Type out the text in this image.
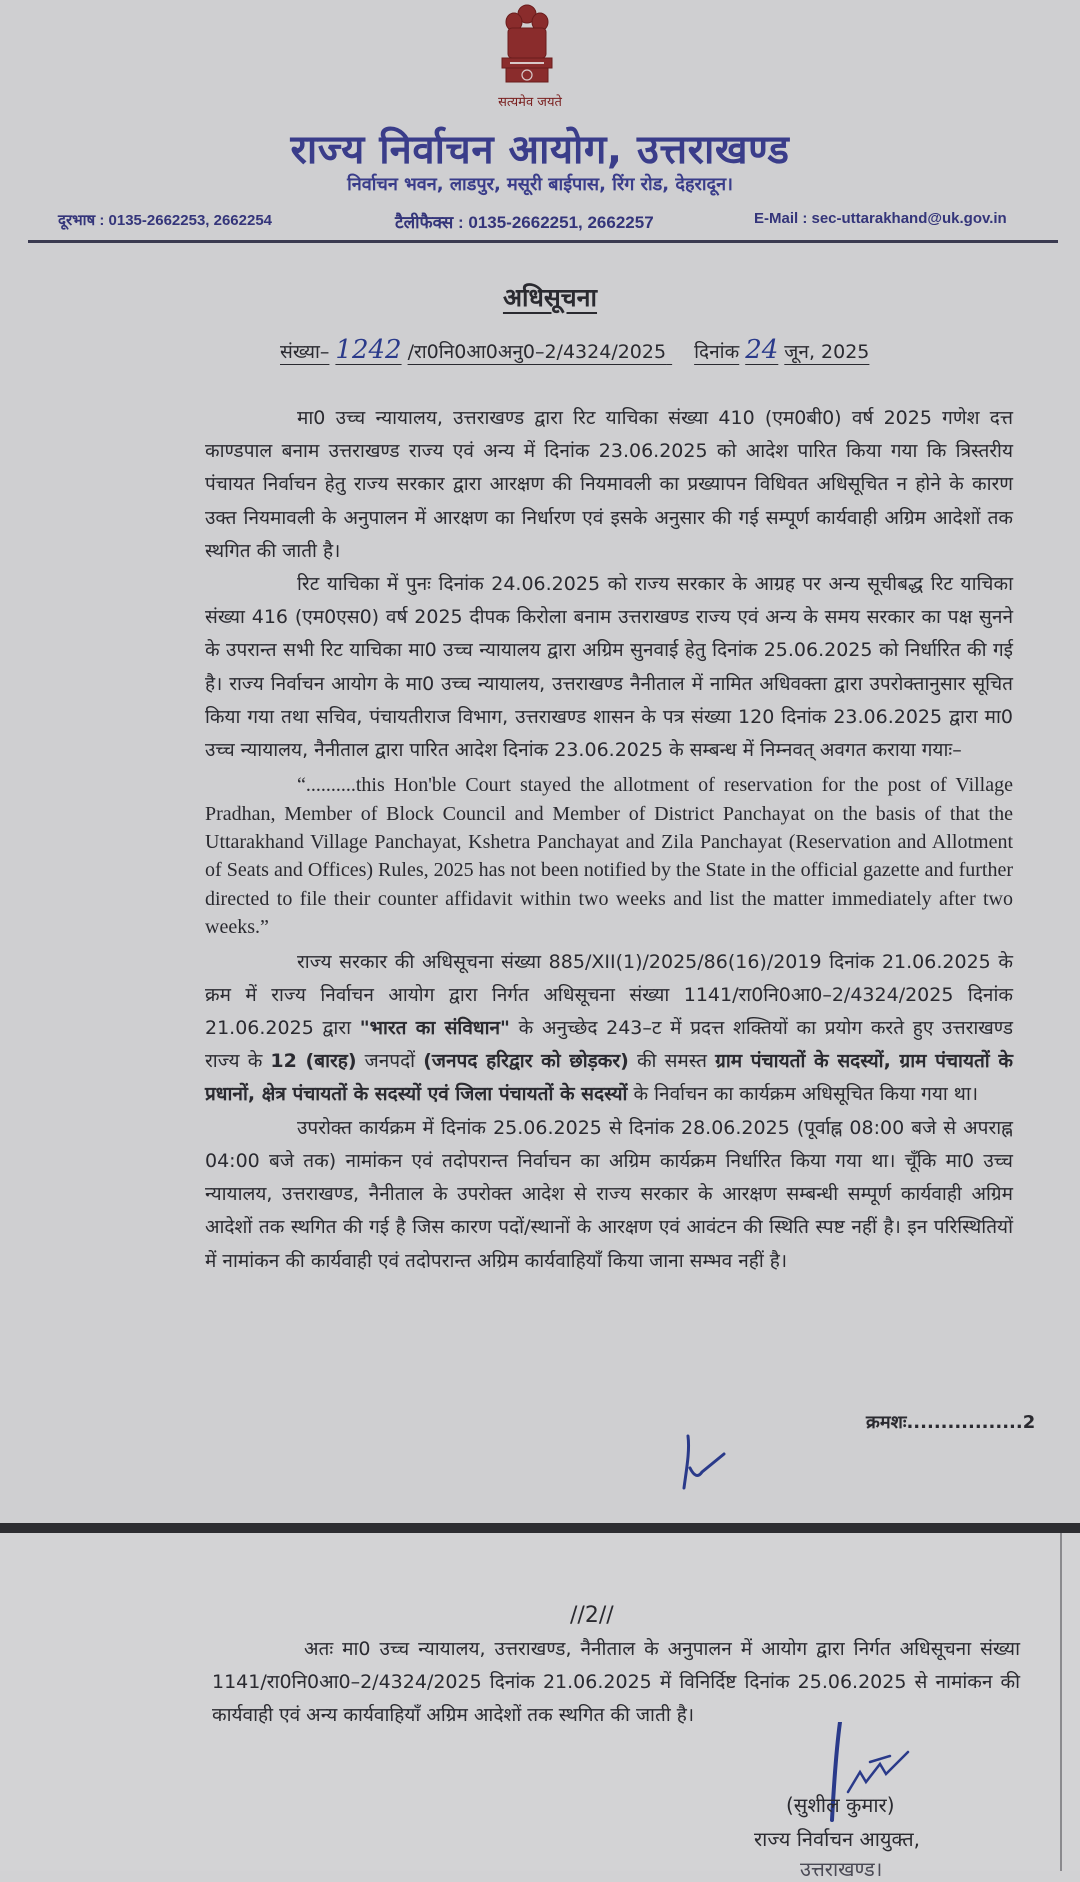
सत्यमेव जयते
राज्य निर्वाचन आयोग, उत्तराखण्ड
निर्वाचन भवन, लाडपुर, मसूरी बाईपास, रिंग रोड, देहरादून।
दूरभाष : 0135-2662253, 2662254	टैलीफैक्स : 0135-2662251, 2662257	E-Mail : sec-uttarakhand@uk.gov.in
अधिसूचना
संख्या– 1242 /रा0नि0आ0अनु0–2/4324/2025 दिनांक 24 जून, 2025

मा0 उच्च न्यायालय, उत्तराखण्ड द्वारा रिट याचिका संख्या 410 (एम0बी0) वर्ष 2025 गणेश दत्त काण्डपाल बनाम उत्तराखण्ड राज्य एवं अन्य में दिनांक 23.06.2025 को आदेश पारित किया गया कि त्रिस्तरीय पंचायत निर्वाचन हेतु राज्य सरकार द्वारा आरक्षण की नियमावली का प्रख्यापन विधिवत अधिसूचित न होने के कारण उक्त नियमावली के अनुपालन में आरक्षण का निर्धारण एवं इसके अनुसार की गई सम्पूर्ण कार्यवाही अग्रिम आदेशों तक स्थगित की जाती है।

रिट याचिका में पुनः दिनांक 24.06.2025 को राज्य सरकार के आग्रह पर अन्य सूचीबद्ध रिट याचिका संख्या 416 (एम0एस0) वर्ष 2025 दीपक किरोला बनाम उत्तराखण्ड राज्य एवं अन्य के समय सरकार का पक्ष सुनने के उपरान्त सभी रिट याचिका मा0 उच्च न्यायालय द्वारा अग्रिम सुनवाई हेतु दिनांक 25.06.2025 को निर्धारित की गई है। राज्य निर्वाचन आयोग के मा0 उच्च न्यायालय, उत्तराखण्ड नैनीताल में नामित अधिवक्ता द्वारा उपरोक्तानुसार सूचित किया गया तथा सचिव, पंचायतीराज विभाग, उत्तराखण्ड शासन के पत्र संख्या 120 दिनांक 23.06.2025 द्वारा मा0 उच्च न्यायालय, नैनीताल द्वारा पारित आदेश दिनांक 23.06.2025 के सम्बन्ध में निम्नवत् अवगत कराया गयाः–

“..........this Hon'ble Court stayed the allotment of reservation for the post of Village Pradhan, Member of Block Council and Member of District Panchayat on the basis of that the Uttarakhand Village Panchayat, Kshetra Panchayat and Zila Panchayat (Reservation and Allotment of Seats and Offices) Rules, 2025 has not been notified by the State in the official gazette and further directed to file their counter affidavit within two weeks and list the matter immediately after two weeks.”

राज्य सरकार की अधिसूचना संख्या 885/XII(1)/2025/86(16)/2019 दिनांक 21.06.2025 के क्रम में राज्य निर्वाचन आयोग द्वारा निर्गत अधिसूचना संख्या 1141/रा0नि0आ0–2/4324/2025 दिनांक 21.06.2025 द्वारा "भारत का संविधान" के अनुच्छेद 243–ट में प्रदत्त शक्तियों का प्रयोग करते हुए उत्तराखण्ड राज्य के 12 (बारह) जनपदों (जनपद हरिद्वार को छोड़कर) की समस्त ग्राम पंचायतों के सदस्यों, ग्राम पंचायतों के प्रधानों, क्षेत्र पंचायतों के सदस्यों एवं जिला पंचायतों के सदस्यों के निर्वाचन का कार्यक्रम अधिसूचित किया गया था।

उपरोक्त कार्यक्रम में दिनांक 25.06.2025 से दिनांक 28.06.2025 (पूर्वाह्न 08:00 बजे से अपराह्न 04:00 बजे तक) नामांकन एवं तदोपरान्त निर्वाचन का अग्रिम कार्यक्रम निर्धारित किया गया था। चूँकि मा0 उच्च न्यायालय, उत्तराखण्ड, नैनीताल के उपरोक्त आदेश से राज्य सरकार के आरक्षण सम्बन्धी सम्पूर्ण कार्यवाही अग्रिम आदेशों तक स्थगित की गई है जिस कारण पदों/स्थानों के आरक्षण एवं आवंटन की स्थिति स्पष्ट नहीं है। इन परिस्थितियों में नामांकन की कार्यवाही एवं तदोपरान्त अग्रिम कार्यवाहियाँ किया जाना सम्भव नहीं है।

क्रमशः.................2
//2//

अतः मा0 उच्च न्यायालय, उत्तराखण्ड, नैनीताल के अनुपालन में आयोग द्वारा निर्गत अधिसूचना संख्या 1141/रा0नि0आ0–2/4324/2025 दिनांक 21.06.2025 में विनिर्दिष्ट दिनांक 25.06.2025 से नामांकन की कार्यवाही एवं अन्य कार्यवाहियाँ अग्रिम आदेशों तक स्थगित की जाती है।

(सुशील कुमार)
राज्य निर्वाचन आयुक्त,
उत्तराखण्ड।
